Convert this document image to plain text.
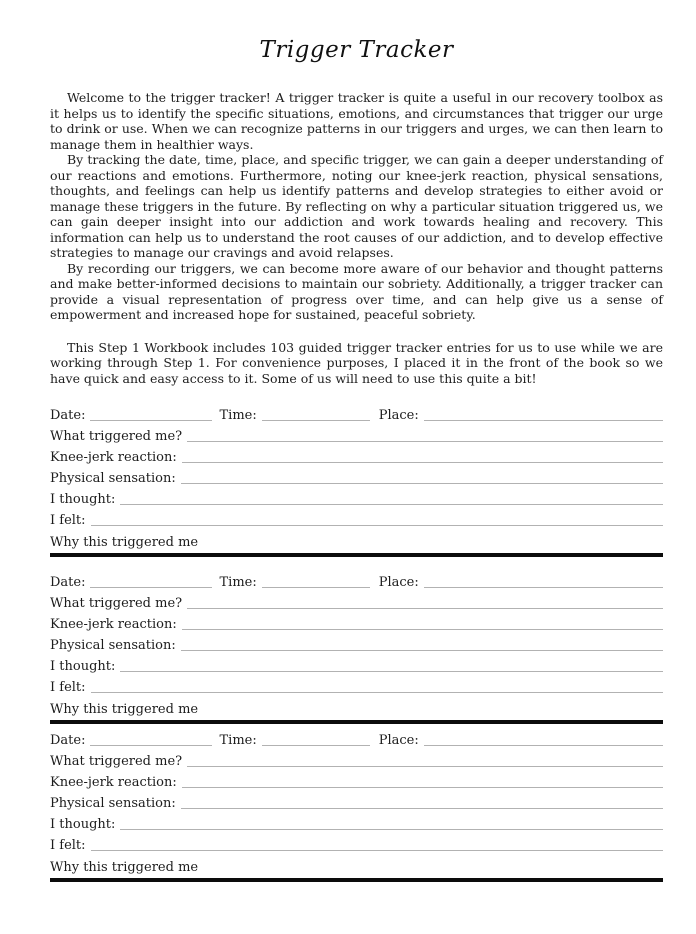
Trigger Tracker

Welcome to the trigger tracker! A trigger tracker is quite a useful in our recovery toolbox as it helps us to identify the specific situations, emotions, and circumstances that trigger our urge to drink or use. When we can recognize patterns in our triggers and urges, we can then learn to manage them in healthier ways.

By tracking the date, time, place, and specific trigger, we can gain a deeper understanding of our reactions and emotions. Furthermore, noting our knee-jerk reaction, physical sensations, thoughts, and feelings can help us identify patterns and develop strategies to either avoid or manage these triggers in the future. By reflecting on why a particular situation triggered us, we can gain deeper insight into our addiction and work towards healing and recovery. This information can help us to understand the root causes of our addiction, and to develop effective strategies to manage our cravings and avoid relapses.

By recording our triggers, we can become more aware of our behavior and thought patterns and make better-informed decisions to maintain our sobriety. Additionally, a trigger tracker can provide a visual representation of progress over time, and can help give us a sense of empowerment and increased hope for sustained, peaceful sobriety.

This Step 1 Workbook includes 103 guided trigger tracker entries for us to use while we are working through Step 1. For convenience purposes, I placed it in the front of the book so we have quick and easy access to it. Some of us will need to use this quite a bit!

Date:	Time:	Place:
What triggered me?
Knee-jerk reaction:
Physical sensation:
I thought:
I felt:
Why this triggered me
Date:	Time:	Place:
What triggered me?
Knee-jerk reaction:
Physical sensation:
I thought:
I felt:
Why this triggered me
Date:	Time:	Place:
What triggered me?
Knee-jerk reaction:
Physical sensation:
I thought:
I felt:
Why this triggered me
